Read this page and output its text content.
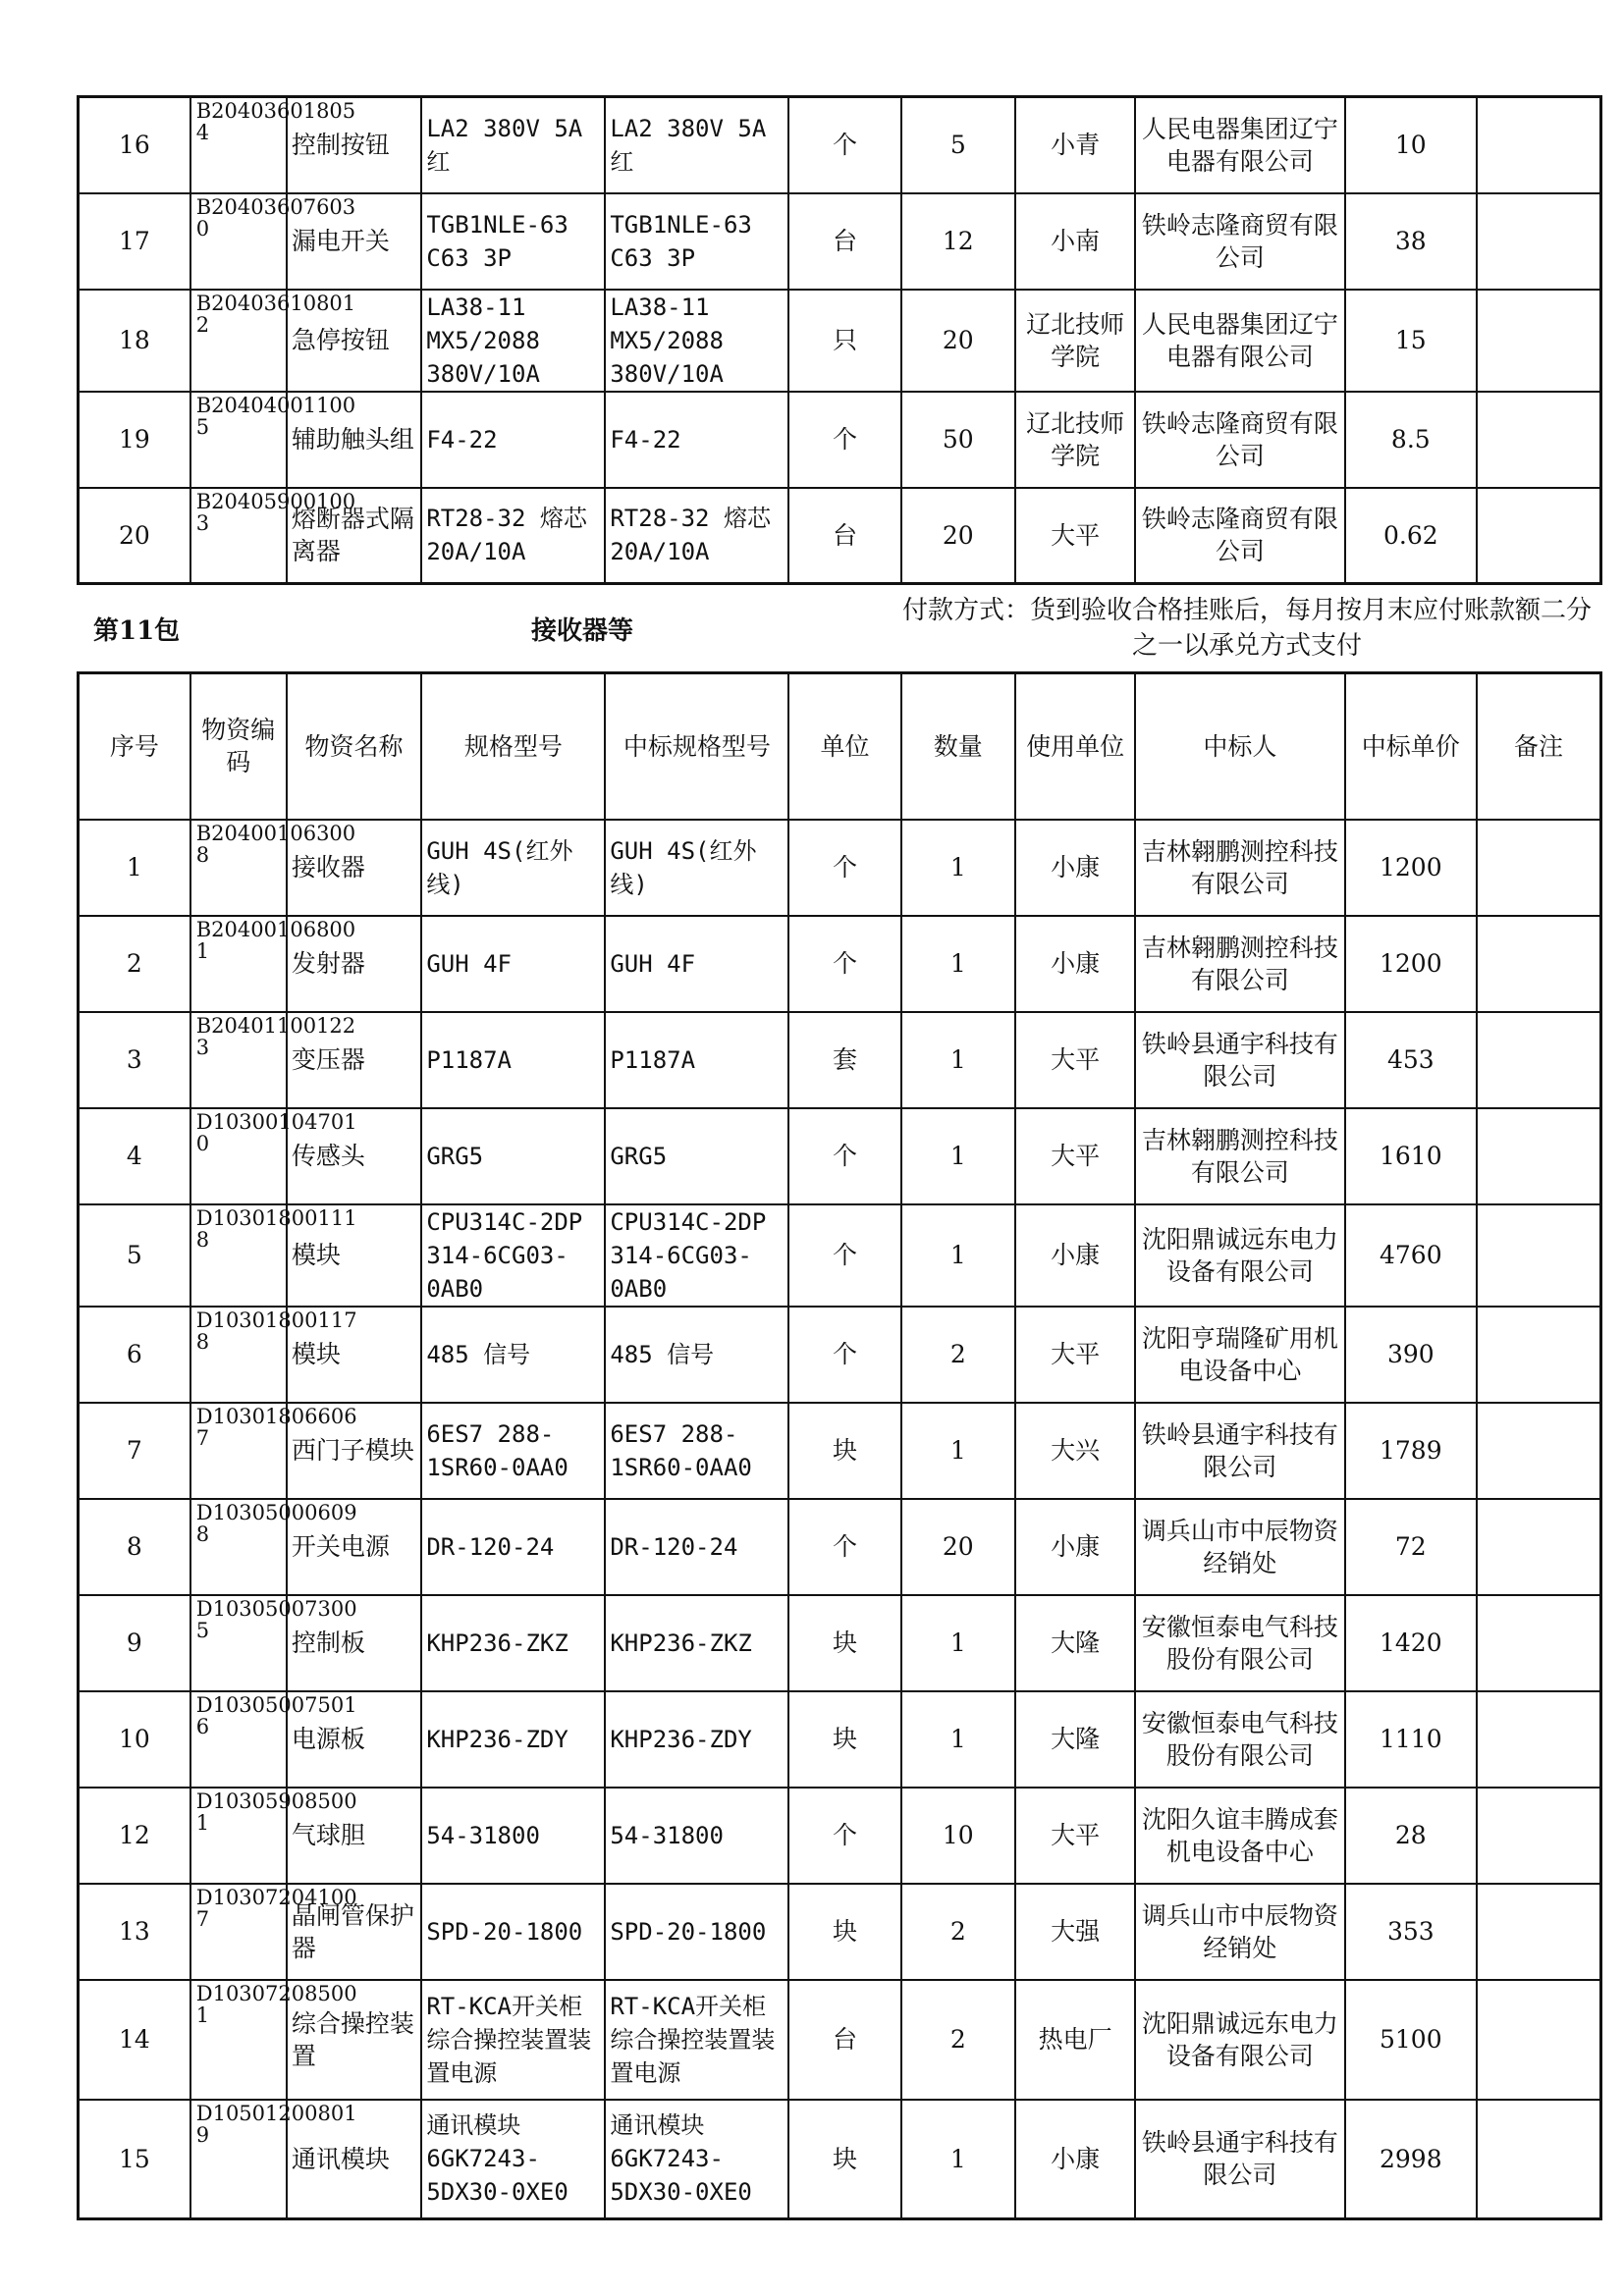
16	B20403601805 4	控制按钮	LA2 380V 5A 红	LA2 380V 5A 红	个	5	小青	人民电器集团辽宁电器有限公司	10	
17	B20403607603 0	漏电开关	TGB1NLE-63 C63 3P	TGB1NLE-63 C63 3P	台	12	小南	铁岭志隆商贸有限公司	38	
18	B20403610801 2	急停按钮	LA38-11 MX5/2088 380V/10A	LA38-11 MX5/2088 380V/10A	只	20	辽北技师学院	人民电器集团辽宁电器有限公司	15	
19	B20404001100 5	辅助触头组	F4-22	F4-22	个	50	辽北技师学院	铁岭志隆商贸有限公司	8.5	
20	B20405900100 3	熔断器式隔离器	RT28-32 熔芯 20A/10A	RT28-32 熔芯 20A/10A	台	20	大平	铁岭志隆商贸有限公司	0.62	
第11包	接收器等
付款方式：货到验收合格挂账后，每月按月末应付账款额二分之一以承兑方式支付
序号	物资编码	物资名称	规格型号	中标规格型号	单位	数量	使用单位	中标人	中标单价	备注
1	B20400106300 8	接收器	GUH 4S(红外线)	GUH 4S(红外线)	个	1	小康	吉林翱鹏测控科技有限公司	1200	
2	B20400106800 1	发射器	GUH 4F	GUH 4F	个	1	小康	吉林翱鹏测控科技有限公司	1200	
3	B20401100122 3	变压器	P1187A	P1187A	套	1	大平	铁岭县通宇科技有限公司	453	
4	D10300104701 0	传感头	GRG5	GRG5	个	1	大平	吉林翱鹏测控科技有限公司	1610	
5	D10301800111 8	模块	CPU314C-2DP 314-6CG03-0AB0	CPU314C-2DP 314-6CG03-0AB0	个	1	小康	沈阳鼎诚远东电力设备有限公司	4760	
6	D10301800117 8	模块	485 信号	485 信号	个	2	大平	沈阳亨瑞隆矿用机电设备中心	390	
7	D10301806606 7	西门子模块	6ES7 288-1SR60-0AA0	6ES7 288-1SR60-0AA0	块	1	大兴	铁岭县通宇科技有限公司	1789	
8	D10305000609 8	开关电源	DR-120-24	DR-120-24	个	20	小康	调兵山市中辰物资经销处	72	
9	D10305007300 5	控制板	KHP236-ZKZ	KHP236-ZKZ	块	1	大隆	安徽恒泰电气科技股份有限公司	1420	
10	D10305007501 6	电源板	KHP236-ZDY	KHP236-ZDY	块	1	大隆	安徽恒泰电气科技股份有限公司	1110	
12	D10305908500 1	气球胆	54-31800	54-31800	个	10	大平	沈阳久谊丰腾成套机电设备中心	28	
13	D10307204100 7	晶闸管保护器	SPD-20-1800	SPD-20-1800	块	2	大强	调兵山市中辰物资经销处	353	
14	D10307208500 1	综合操控装置	RT-KCA开关柜综合操控装置装置电源	RT-KCA开关柜综合操控装置装置电源	台	2	热电厂	沈阳鼎诚远东电力设备有限公司	5100	
15	D10501200801 9	通讯模块	通讯模块 6GK7243-5DX30-0XE0	通讯模块 6GK7243-5DX30-0XE0	块	1	小康	铁岭县通宇科技有限公司	2998	
